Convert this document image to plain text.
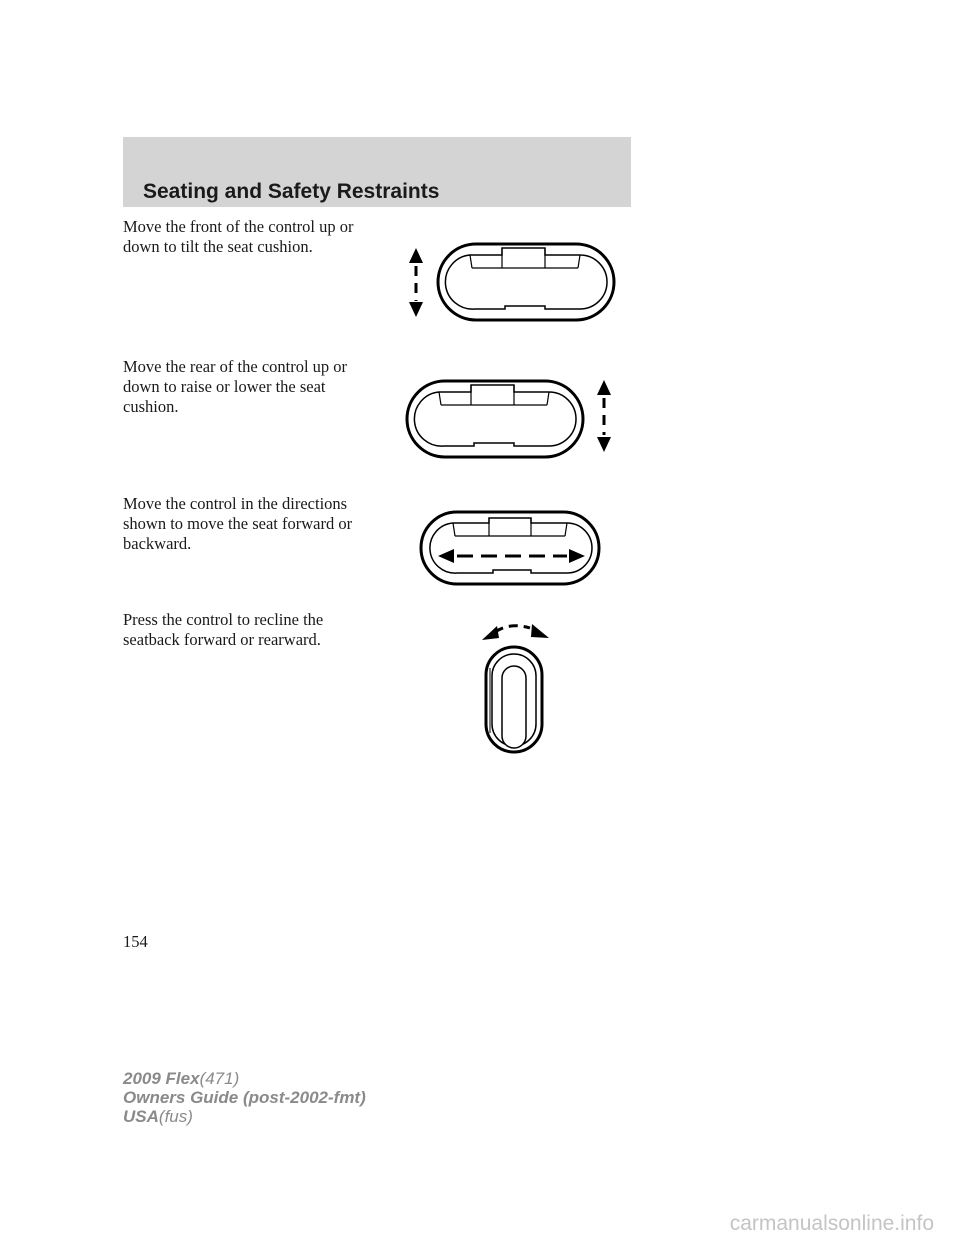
Seating and Safety Restraints
Move the front of the control up or
down to tilt the seat cushion.
Move the rear of the control up or
down to raise or lower the seat
cushion.
Move the control in the directions
shown to move the seat forward or
backward.
Press the control to recline the
seatback forward or rearward.
154
2009 Flex(471)
Owners Guide (post-2002-fmt)
USA(fus)
carmanualsonline.info
